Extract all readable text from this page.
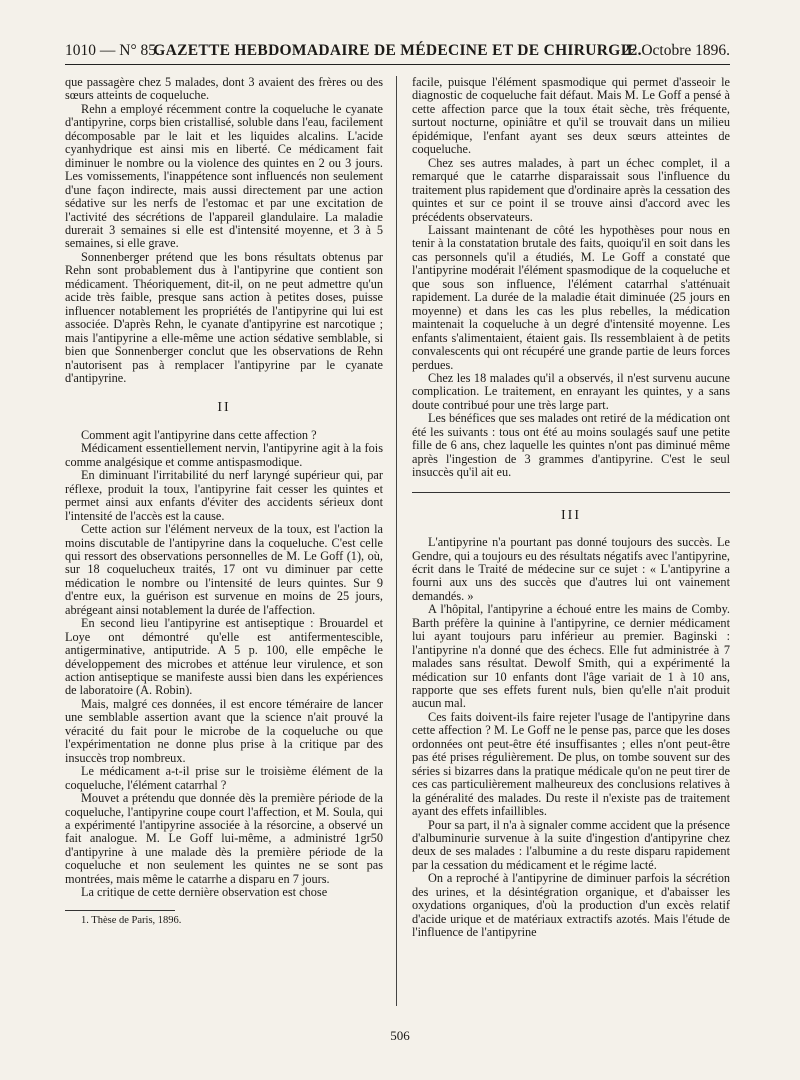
1010 — N° 85.
GAZETTE HEBDOMADAIRE DE MÉDECINE ET DE CHIRURGIE.
22 Octobre 1896.

que passagère chez 5 malades, dont 3 avaient des frères ou des sœurs atteints de coqueluche.

Rehn a employé récemment contre la coqueluche le cyanate d'antipyrine, corps bien cristallisé, soluble dans l'eau, facilement décomposable par le lait et les liquides alcalins. L'acide cyanhydrique est ainsi mis en liberté. Ce médicament fait diminuer le nombre ou la violence des quintes en 2 ou 3 jours. Les vomissements, l'inappétence sont influencés non seulement d'une façon indirecte, mais aussi directement par une action sédative sur les nerfs de l'estomac et par une excitation de l'activité des sécrétions de l'appareil glandulaire. La maladie durerait 3 semaines si elle est d'intensité moyenne, et 3 à 5 semaines, si elle grave.

Sonnenberger prétend que les bons résultats obtenus par Rehn sont probablement dus à l'antipyrine que contient son médicament. Théoriquement, dit-il, on ne peut admettre qu'un acide très faible, presque sans action à petites doses, puisse influencer notablement les propriétés de l'antipyrine qui lui est associée. D'après Rehn, le cyanate d'antipyrine est narcotique ; mais l'antipyrine a elle-même une action sédative semblable, si bien que Sonnenberger conclut que les observations de Rehn n'autorisent pas à remplacer l'antipyrine par le cyanate d'antipyrine.

II

Comment agit l'antipyrine dans cette affection ?

Médicament essentiellement nervin, l'antipyrine agit à la fois comme analgésique et comme antispasmodique.

En diminuant l'irritabilité du nerf laryngé supérieur qui, par réflexe, produit la toux, l'antipyrine fait cesser les quintes et permet ainsi aux enfants d'éviter des accidents sérieux dont l'intensité de l'accès est la cause.

Cette action sur l'élément nerveux de la toux, est l'action la moins discutable de l'antipyrine dans la coqueluche. C'est celle qui ressort des observations personnelles de M. Le Goff (1), où, sur 18 coquelucheux traités, 17 ont vu diminuer par cette médication le nombre ou l'intensité de leurs quintes. Sur 9 d'entre eux, la guérison est survenue en moins de 25 jours, abrégeant ainsi notablement la durée de l'affection.

En second lieu l'antipyrine est antiseptique : Brouardel et Loye ont démontré qu'elle est antifermentescible, antigerminative, antiputride. A 5 p. 100, elle empêche le développement des microbes et atténue leur virulence, et son action antiseptique se manifeste aussi bien dans les expériences de laboratoire (A. Robin).

Mais, malgré ces données, il est encore téméraire de lancer une semblable assertion avant que la science n'ait prouvé la véracité du fait pour le microbe de la coqueluche ou que l'expérimentation ne donne plus prise à la critique par des insuccès trop nombreux.

Le médicament a-t-il prise sur le troisième élément de la coqueluche, l'élément catarrhal ?

Mouvet a prétendu que donnée dès la première période de la coqueluche, l'antipyrine coupe court l'affection, et M. Soula, qui a expérimenté l'antipyrine associée à la résorcine, a observé un fait analogue. M. Le Goff lui-même, a administré 1gr50 d'antipyrine à une malade dès la première période de la coqueluche et non seulement les quintes ne se sont pas montrées, mais même le catarrhe a disparu en 7 jours.

La critique de cette dernière observation est chose

1. Thèse de Paris, 1896.

facile, puisque l'élément spasmodique qui permet d'asseoir le diagnostic de coqueluche fait défaut. Mais M. Le Goff a pensé à cette affection parce que la toux était sèche, très fréquente, surtout nocturne, opiniâtre et qu'il se trouvait dans un milieu épidémique, l'enfant ayant ses deux sœurs atteintes de coqueluche.

Chez ses autres malades, à part un échec complet, il a remarqué que le catarrhe disparaissait sous l'influence du traitement plus rapidement que d'ordinaire après la cessation des quintes et sur ce point il se trouve ainsi d'accord avec les précédents observateurs.

Laissant maintenant de côté les hypothèses pour nous en tenir à la constatation brutale des faits, quoiqu'il en soit dans les cas personnels qu'il a étudiés, M. Le Goff a constaté que l'antipyrine modérait l'élément spasmodique de la coqueluche et que sous son influence, l'élément catarrhal s'atténuait rapidement. La durée de la maladie était diminuée (25 jours en moyenne) et dans les cas les plus rebelles, la médication maintenait la coqueluche à un degré d'intensité moyenne. Les enfants s'alimentaient, étaient gais. Ils ressemblaient à de petits convalescents qui ont récupéré une grande partie de leurs forces perdues.

Chez les 18 malades qu'il a observés, il n'est survenu aucune complication. Le traitement, en enrayant les quintes, y a sans doute contribué pour une très large part.

Les bénéfices que ses malades ont retiré de la médication ont été les suivants : tous ont été au moins soulagés sauf une petite fille de 6 ans, chez laquelle les quintes n'ont pas diminué même après l'ingestion de 3 grammes d'antipyrine. C'est le seul insuccès qu'il ait eu.

III

L'antipyrine n'a pourtant pas donné toujours des succès. Le Gendre, qui a toujours eu des résultats négatifs avec l'antipyrine, écrit dans le Traité de médecine sur ce sujet : « L'antipyrine a fourni aux uns des succès que d'autres lui ont vainement demandés. »

A l'hôpital, l'antipyrine a échoué entre les mains de Comby. Barth préfère la quinine à l'antipyrine, ce dernier médicament lui ayant toujours paru inférieur au premier. Baginski : l'antipyrine n'a donné que des échecs. Elle fut administrée à 7 malades sans résultat. Dewolf Smith, qui a expérimenté la médication sur 10 enfants dont l'âge variait de 1 à 10 ans, rapporte que ses effets furent nuls, bien qu'elle n'ait produit aucun mal.

Ces faits doivent-ils faire rejeter l'usage de l'antipyrine dans cette affection ? M. Le Goff ne le pense pas, parce que les doses ordonnées ont peut-être été insuffisantes ; elles n'ont peut-être pas été prises régulièrement. De plus, on tombe souvent sur des séries si bizarres dans la pratique médicale qu'on ne peut tirer de ces cas particulièrement malheureux des conclusions relatives à la généralité des malades. Du reste il n'existe pas de traitement ayant des effets infaillibles.

Pour sa part, il n'a à signaler comme accident que la présence d'albuminurie survenue à la suite d'ingestion d'antipyrine chez deux de ses malades : l'albumine a du reste disparu rapidement par la cessation du médicament et le régime lacté.

On a reproché à l'antipyrine de diminuer parfois la sécrétion des urines, et la désintégration organique, et d'abaisser les oxydations organiques, d'où la production d'un excès relatif d'acide urique et de matériaux extractifs azotés. Mais l'étude de l'influence de l'antipyrine

506
